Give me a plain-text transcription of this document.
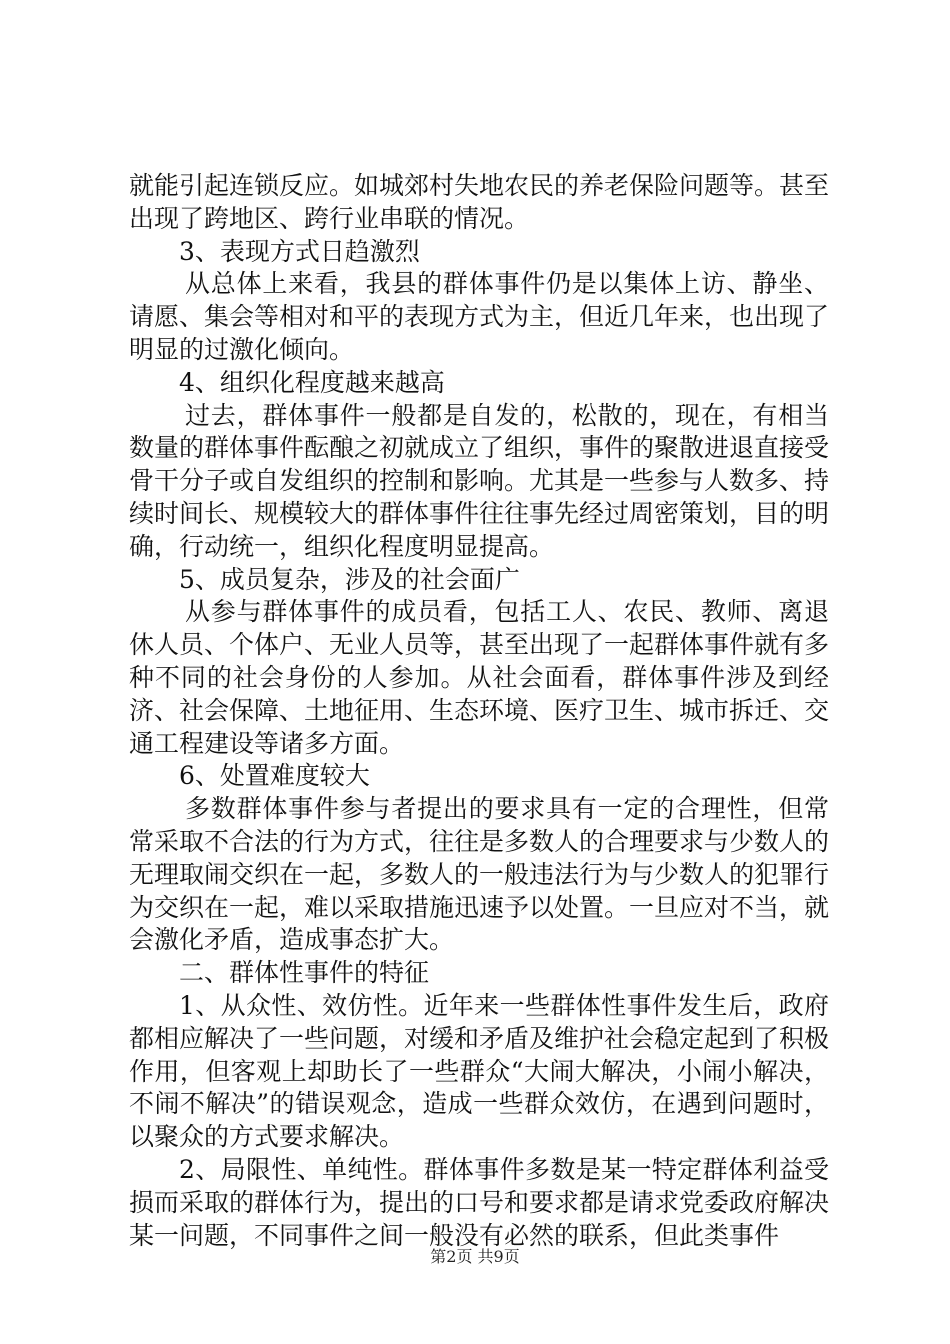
就能引起连锁反应。如城郊村失地农民的养老保险问题等。甚至出现了跨地区、跨行业串联的情况。

3、表现方式日趋激烈

从总体上来看，我县的群体事件仍是以集体上访、静坐、请愿、集会等相对和平的表现方式为主，但近几年来，也出现了明显的过激化倾向。

4、组织化程度越来越高

过去，群体事件一般都是自发的，松散的，现在，有相当数量的群体事件酝酿之初就成立了组织，事件的聚散进退直接受骨干分子或自发组织的控制和影响。尤其是一些参与人数多、持续时间长、规模较大的群体事件往往事先经过周密策划，目的明确，行动统一，组织化程度明显提高。

5、成员复杂，涉及的社会面广

从参与群体事件的成员看，包括工人、农民、教师、离退休人员、个体户、无业人员等，甚至出现了一起群体事件就有多种不同的社会身份的人参加。从社会面看，群体事件涉及到经济、社会保障、土地征用、生态环境、医疗卫生、城市拆迁、交通工程建设等诸多方面。

6、处置难度较大

多数群体事件参与者提出的要求具有一定的合理性，但常常采取不合法的行为方式，往往是多数人的合理要求与少数人的无理取闹交织在一起，多数人的一般违法行为与少数人的犯罪行为交织在一起，难以采取措施迅速予以处置。一旦应对不当，就会激化矛盾，造成事态扩大。

二、群体性事件的特征

1、从众性、效仿性。近年来一些群体性事件发生后，政府都相应解决了一些问题，对缓和矛盾及维护社会稳定起到了积极作用，但客观上却助长了一些群众“大闹大解决，小闹小解决，不闹不解决”的错误观念，造成一些群众效仿，在遇到问题时，以聚众的方式要求解决。

2、局限性、单纯性。群体事件多数是某一特定群体利益受损而采取的群体行为，提出的口号和要求都是请求党委政府解决某一问题，不同事件之间一般没有必然的联系，但此类事件

第2页 共9页
